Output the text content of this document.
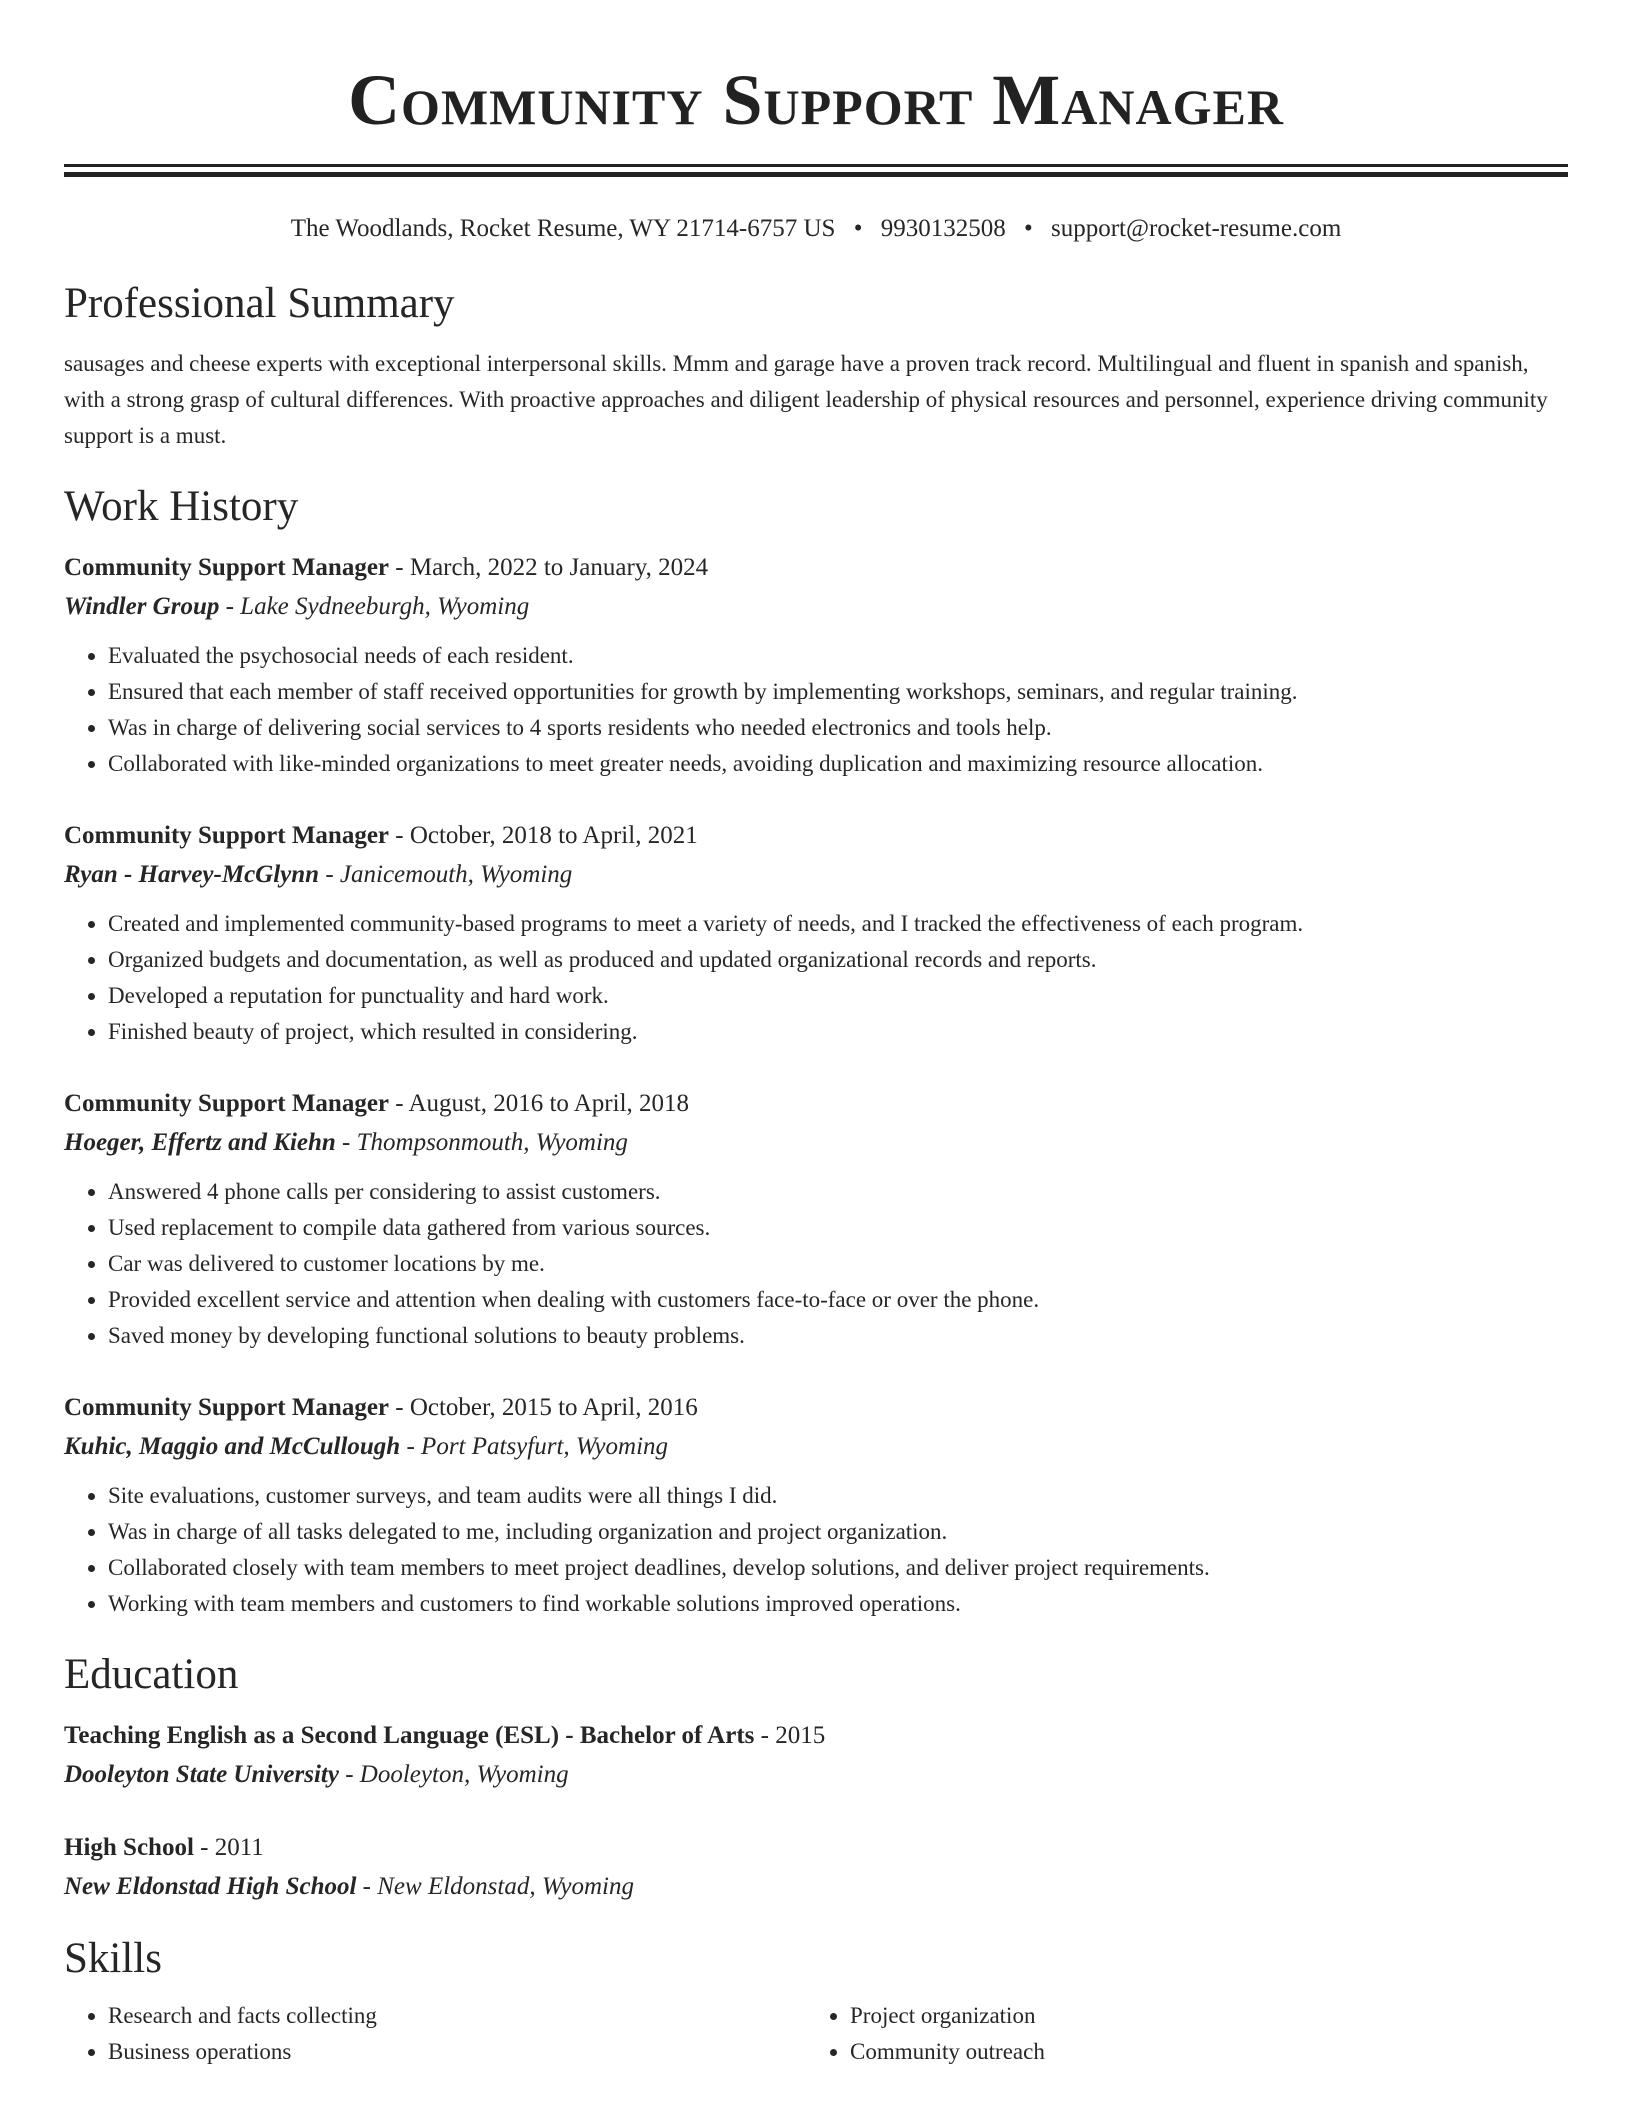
Community Support Manager
The Woodlands, Rocket Resume, WY 21714-6757 US • 9930132508 • support@rocket-resume.com
Professional Summary

sausages and cheese experts with exceptional interpersonal skills. Mmm and garage have a proven track record. Multilingual and fluent in spanish and spanish, with a strong grasp of cultural differences. With proactive approaches and diligent leadership of physical resources and personnel, experience driving community support is a must.

Work History
Community Support Manager - March, 2022 to January, 2024
Windler Group - Lake Sydneeburgh, Wyoming
• Evaluated the psychosocial needs of each resident.
• Ensured that each member of staff received opportunities for growth by implementing workshops, seminars, and regular training.
• Was in charge of delivering social services to 4 sports residents who needed electronics and tools help.
• Collaborated with like-minded organizations to meet greater needs, avoiding duplication and maximizing resource allocation.
Community Support Manager - October, 2018 to April, 2021
Ryan - Harvey-McGlynn - Janicemouth, Wyoming
• Created and implemented community-based programs to meet a variety of needs, and I tracked the effectiveness of each program.
• Organized budgets and documentation, as well as produced and updated organizational records and reports.
• Developed a reputation for punctuality and hard work.
• Finished beauty of project, which resulted in considering.
Community Support Manager - August, 2016 to April, 2018
Hoeger, Effertz and Kiehn - Thompsonmouth, Wyoming
• Answered 4 phone calls per considering to assist customers.
• Used replacement to compile data gathered from various sources.
• Car was delivered to customer locations by me.
• Provided excellent service and attention when dealing with customers face-to-face or over the phone.
• Saved money by developing functional solutions to beauty problems.
Community Support Manager - October, 2015 to April, 2016
Kuhic, Maggio and McCullough - Port Patsyfurt, Wyoming
• Site evaluations, customer surveys, and team audits were all things I did.
• Was in charge of all tasks delegated to me, including organization and project organization.
• Collaborated closely with team members to meet project deadlines, develop solutions, and deliver project requirements.
• Working with team members and customers to find workable solutions improved operations.
Education
Teaching English as a Second Language (ESL) - Bachelor of Arts - 2015
Dooleyton State University - Dooleyton, Wyoming
High School - 2011
New Eldonstad High School - New Eldonstad, Wyoming
Skills
• Research and facts collecting
• Business operations
• Project organization
• Community outreach
